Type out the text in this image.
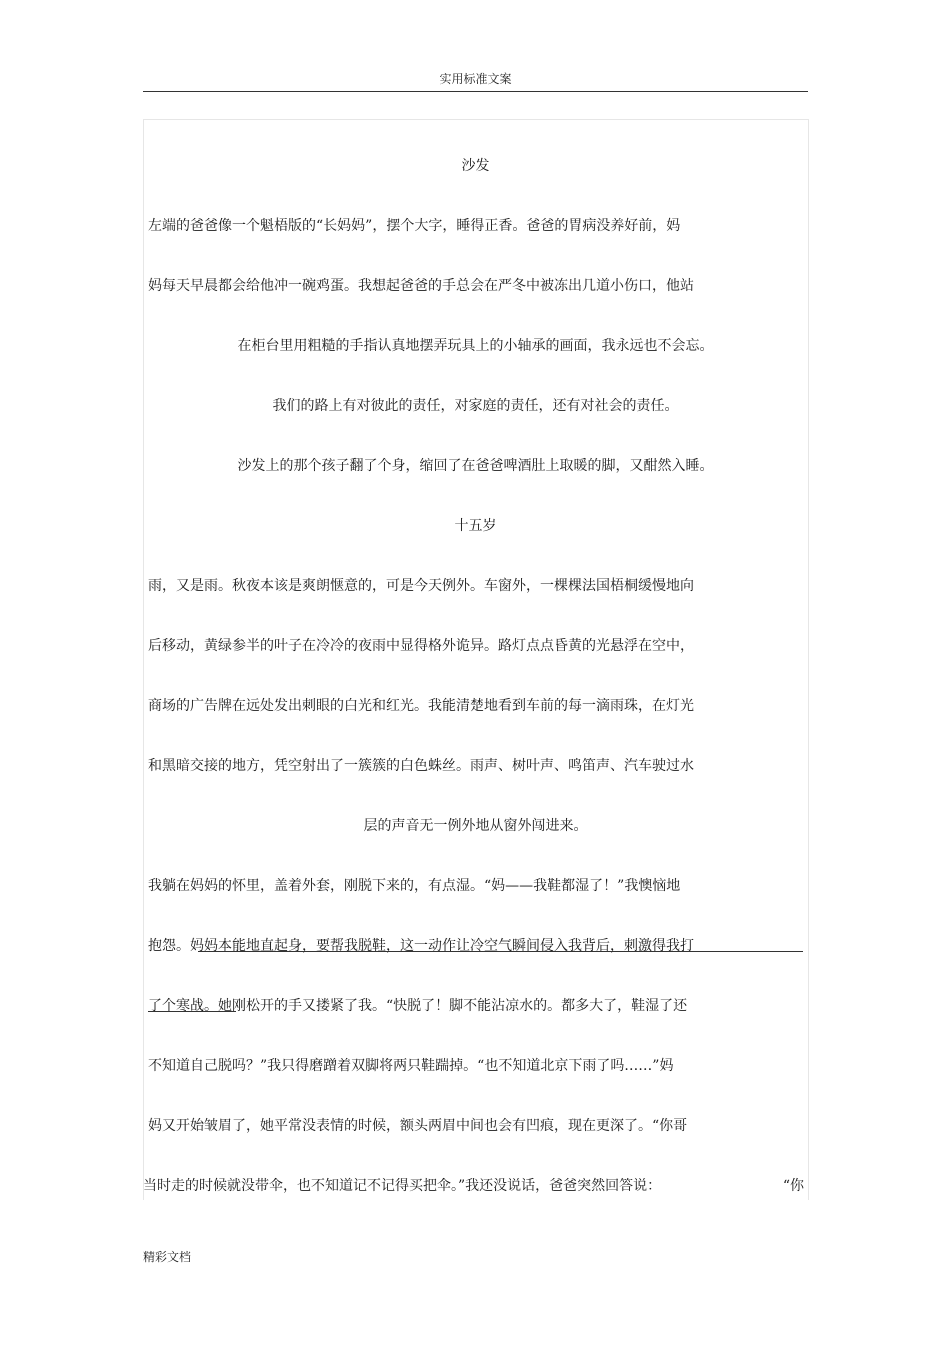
实用标准文案
沙发
左端的爸爸像一个魁梧版的“长妈妈”，摆个大字，睡得正香。爸爸的胃病没养好前，妈
妈每天早晨都会给他冲一碗鸡蛋。我想起爸爸的手总会在严冬中被冻出几道小伤口，他站
在柜台里用粗糙的手指认真地摆弄玩具上的小轴承的画面，我永远也不会忘。
我们的路上有对彼此的责任，对家庭的责任，还有对社会的责任。
沙发上的那个孩子翻了个身，缩回了在爸爸啤酒肚上取暖的脚，又酣然入睡。
十五岁
雨，又是雨。秋夜本该是爽朗惬意的，可是今天例外。车窗外，一棵棵法国梧桐缓慢地向
后移动，黄绿参半的叶子在冷冷的夜雨中显得格外诡异。路灯点点昏黄的光悬浮在空中，
商场的广告牌在远处发出刺眼的白光和红光。我能清楚地看到车前的每一滴雨珠，在灯光
和黑暗交接的地方，凭空射出了一簇簇的白色蛛丝。雨声、树叶声、鸣笛声、汽车驶过水
层的声音无一例外地从窗外闯进来。
我躺在妈妈的怀里，盖着外套，刚脱下来的，有点湿。“妈——我鞋都湿了！”我懊恼地
抱怨。妈妈本能地直起身，要帮我脱鞋，这一动作让冷空气瞬间侵入我背后，刺激得我打
了个寒战。她刚松开的手又搂紧了我。“快脱了！脚不能沾凉水的。都多大了，鞋湿了还
不知道自己脱吗？”我只得磨蹭着双脚将两只鞋踹掉。“也不知道北京下雨了吗……”妈
妈又开始皱眉了，她平常没表情的时候，额头两眉中间也会有凹痕，现在更深了。“你哥
当时走的时候就没带伞，也不知道记不记得买把伞。”我还没说话，爸爸突然回答说：	“你
精彩文档
